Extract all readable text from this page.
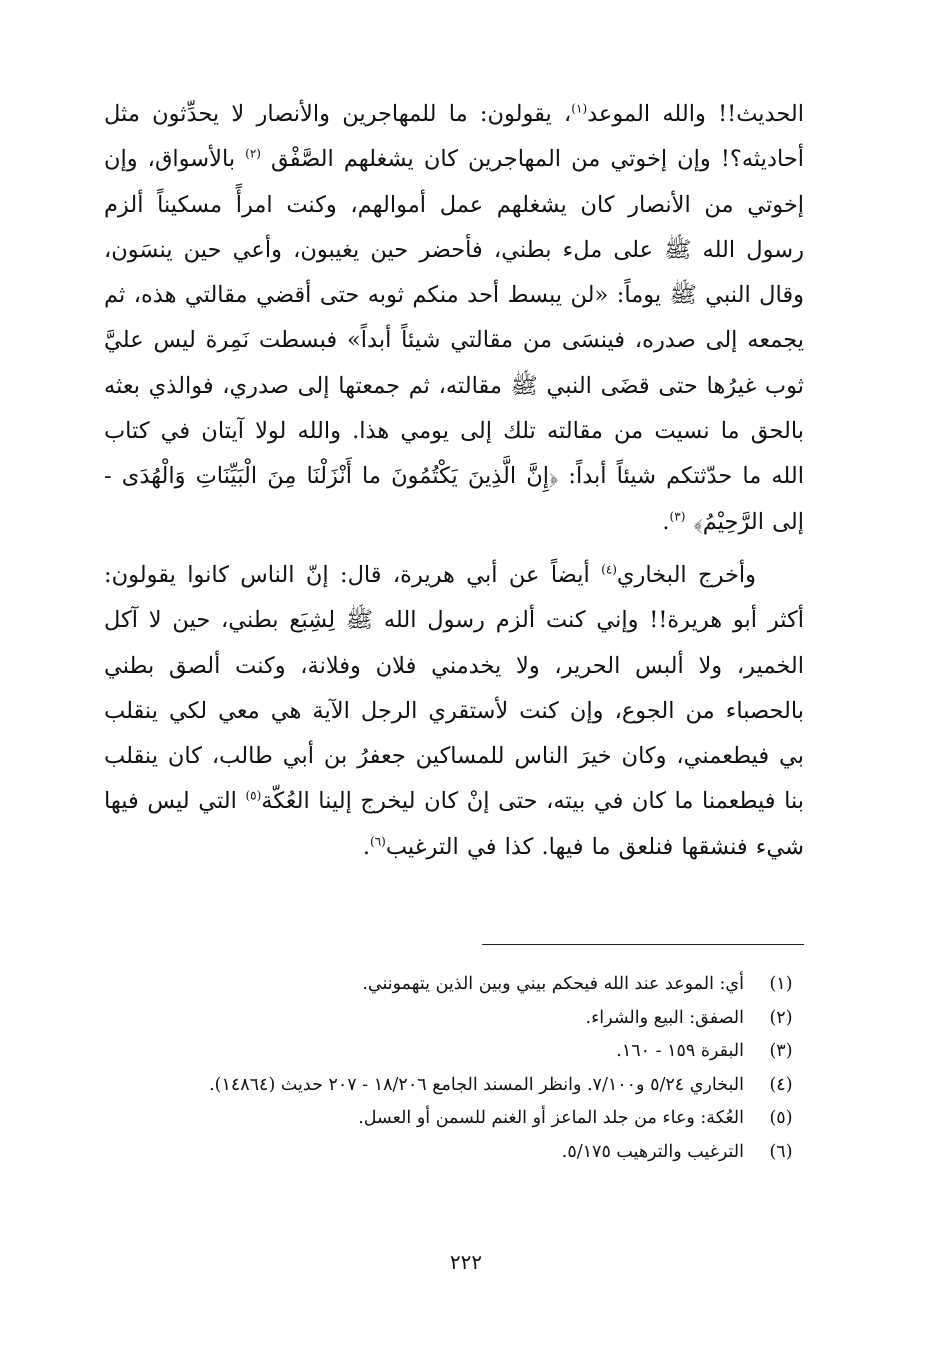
الحديث!! والله الموعد$^{(١)}$، يقولون: ما للمهاجرين والأنصار لا يحدِّثون مثل أحاديثه؟! وإن إخوتي من المهاجرين كان يشغلهم الصَّفْق $^{(٢)}$ بالأسواق، وإن إخوتي من الأنصار كان يشغلهم عمل أموالهم، وكنت امرأً مسكيناً ألزم رسول الله ﷺ على ملء بطني، فأحضر حين يغيبون، وأعي حين ينسَون، وقال النبي ﷺ يوماً: «لن يبسط أحد منكم ثوبه حتى أقضي مقالتي هذه، ثم يجمعه إلى صدره، فينسَى من مقالتي شيئاً أبداً» فبسطت نَمِرة ليس عليَّ ثوب غيرُها حتى قضَى النبي ﷺ مقالته، ثم جمعتها إلى صدري، فوالذي بعثه بالحق ما نسيت من مقالته تلك إلى يومي هذا. والله لولا آيتان في كتاب الله ما حدّثتكم شيئاً أبداً: ﴿إِنَّ الَّذِينَ يَكْتُمُونَ ما أَنْزَلْنَا مِنَ الْبَيِّنَاتِ وَالْهُدَى - إلى الرَّحِيْمُ﴾ $^{(٣)}$.

وأخرج البخاري$^{(٤)}$ أيضاً عن أبي هريرة، قال: إنّ الناس كانوا يقولون: أكثر أبو هريرة!! وإني كنت ألزم رسول الله ﷺ لِشِبَع بطني، حين لا آكل الخمير، ولا ألبس الحرير، ولا يخدمني فلان وفلانة، وكنت ألصق بطني بالحصباء من الجوع، وإن كنت لأستقري الرجل الآية هي معي لكي ينقلب بي فيطعمني، وكان خيرَ الناس للمساكين جعفرُ بن أبي طالب، كان ينقلب بنا فيطعمنا ما كان في بيته، حتى إنْ كان ليخرج إلينا العُكّة$^{(٥)}$ التي ليس فيها شيء فنشقها فنلعق ما فيها. كذا في الترغيب$^{(٦)}$.

(١)
أي: الموعد عند الله فيحكم بيني وبين الذين يتهمونني.
(٢)
الصفق: البيع والشراء.
(٣)
البقرة ١٥٩ - ١٦٠.
(٤)
البخاري ٥/٢٤ و٧/١٠٠. وانظر المسند الجامع ١٨/٢٠٦ - ٢٠٧ حديث (١٤٨٦٤).
(٥)
العُكة: وعاء من جلد الماعز أو الغنم للسمن أو العسل.
(٦)
الترغيب والترهيب ٥/١٧٥.
٢٢٢
